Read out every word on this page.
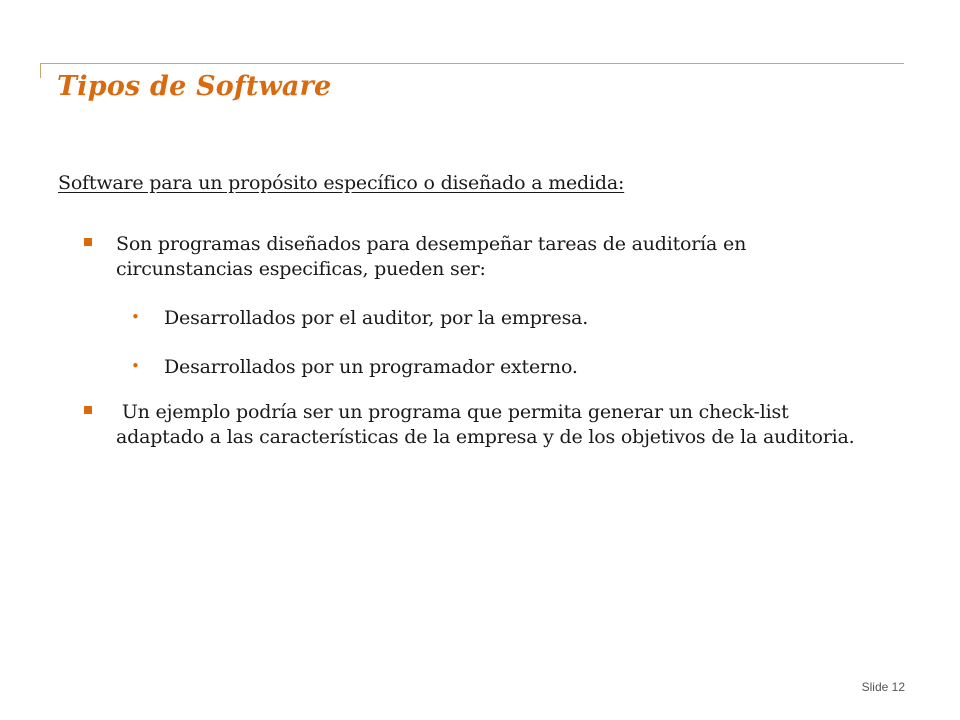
Tipos de Software

Software para un propósito específico o diseñado a medida:

Son programas diseñados para desempeñar tareas de auditoría en circunstancias especificas, pueden ser:

• Desarrollados por el auditor, por la empresa.

• Desarrollados por un programador externo.

Un ejemplo podría ser un programa que permita generar un check-list adaptado a las características de la empresa y de los objetivos de la auditoria.

Slide 12
